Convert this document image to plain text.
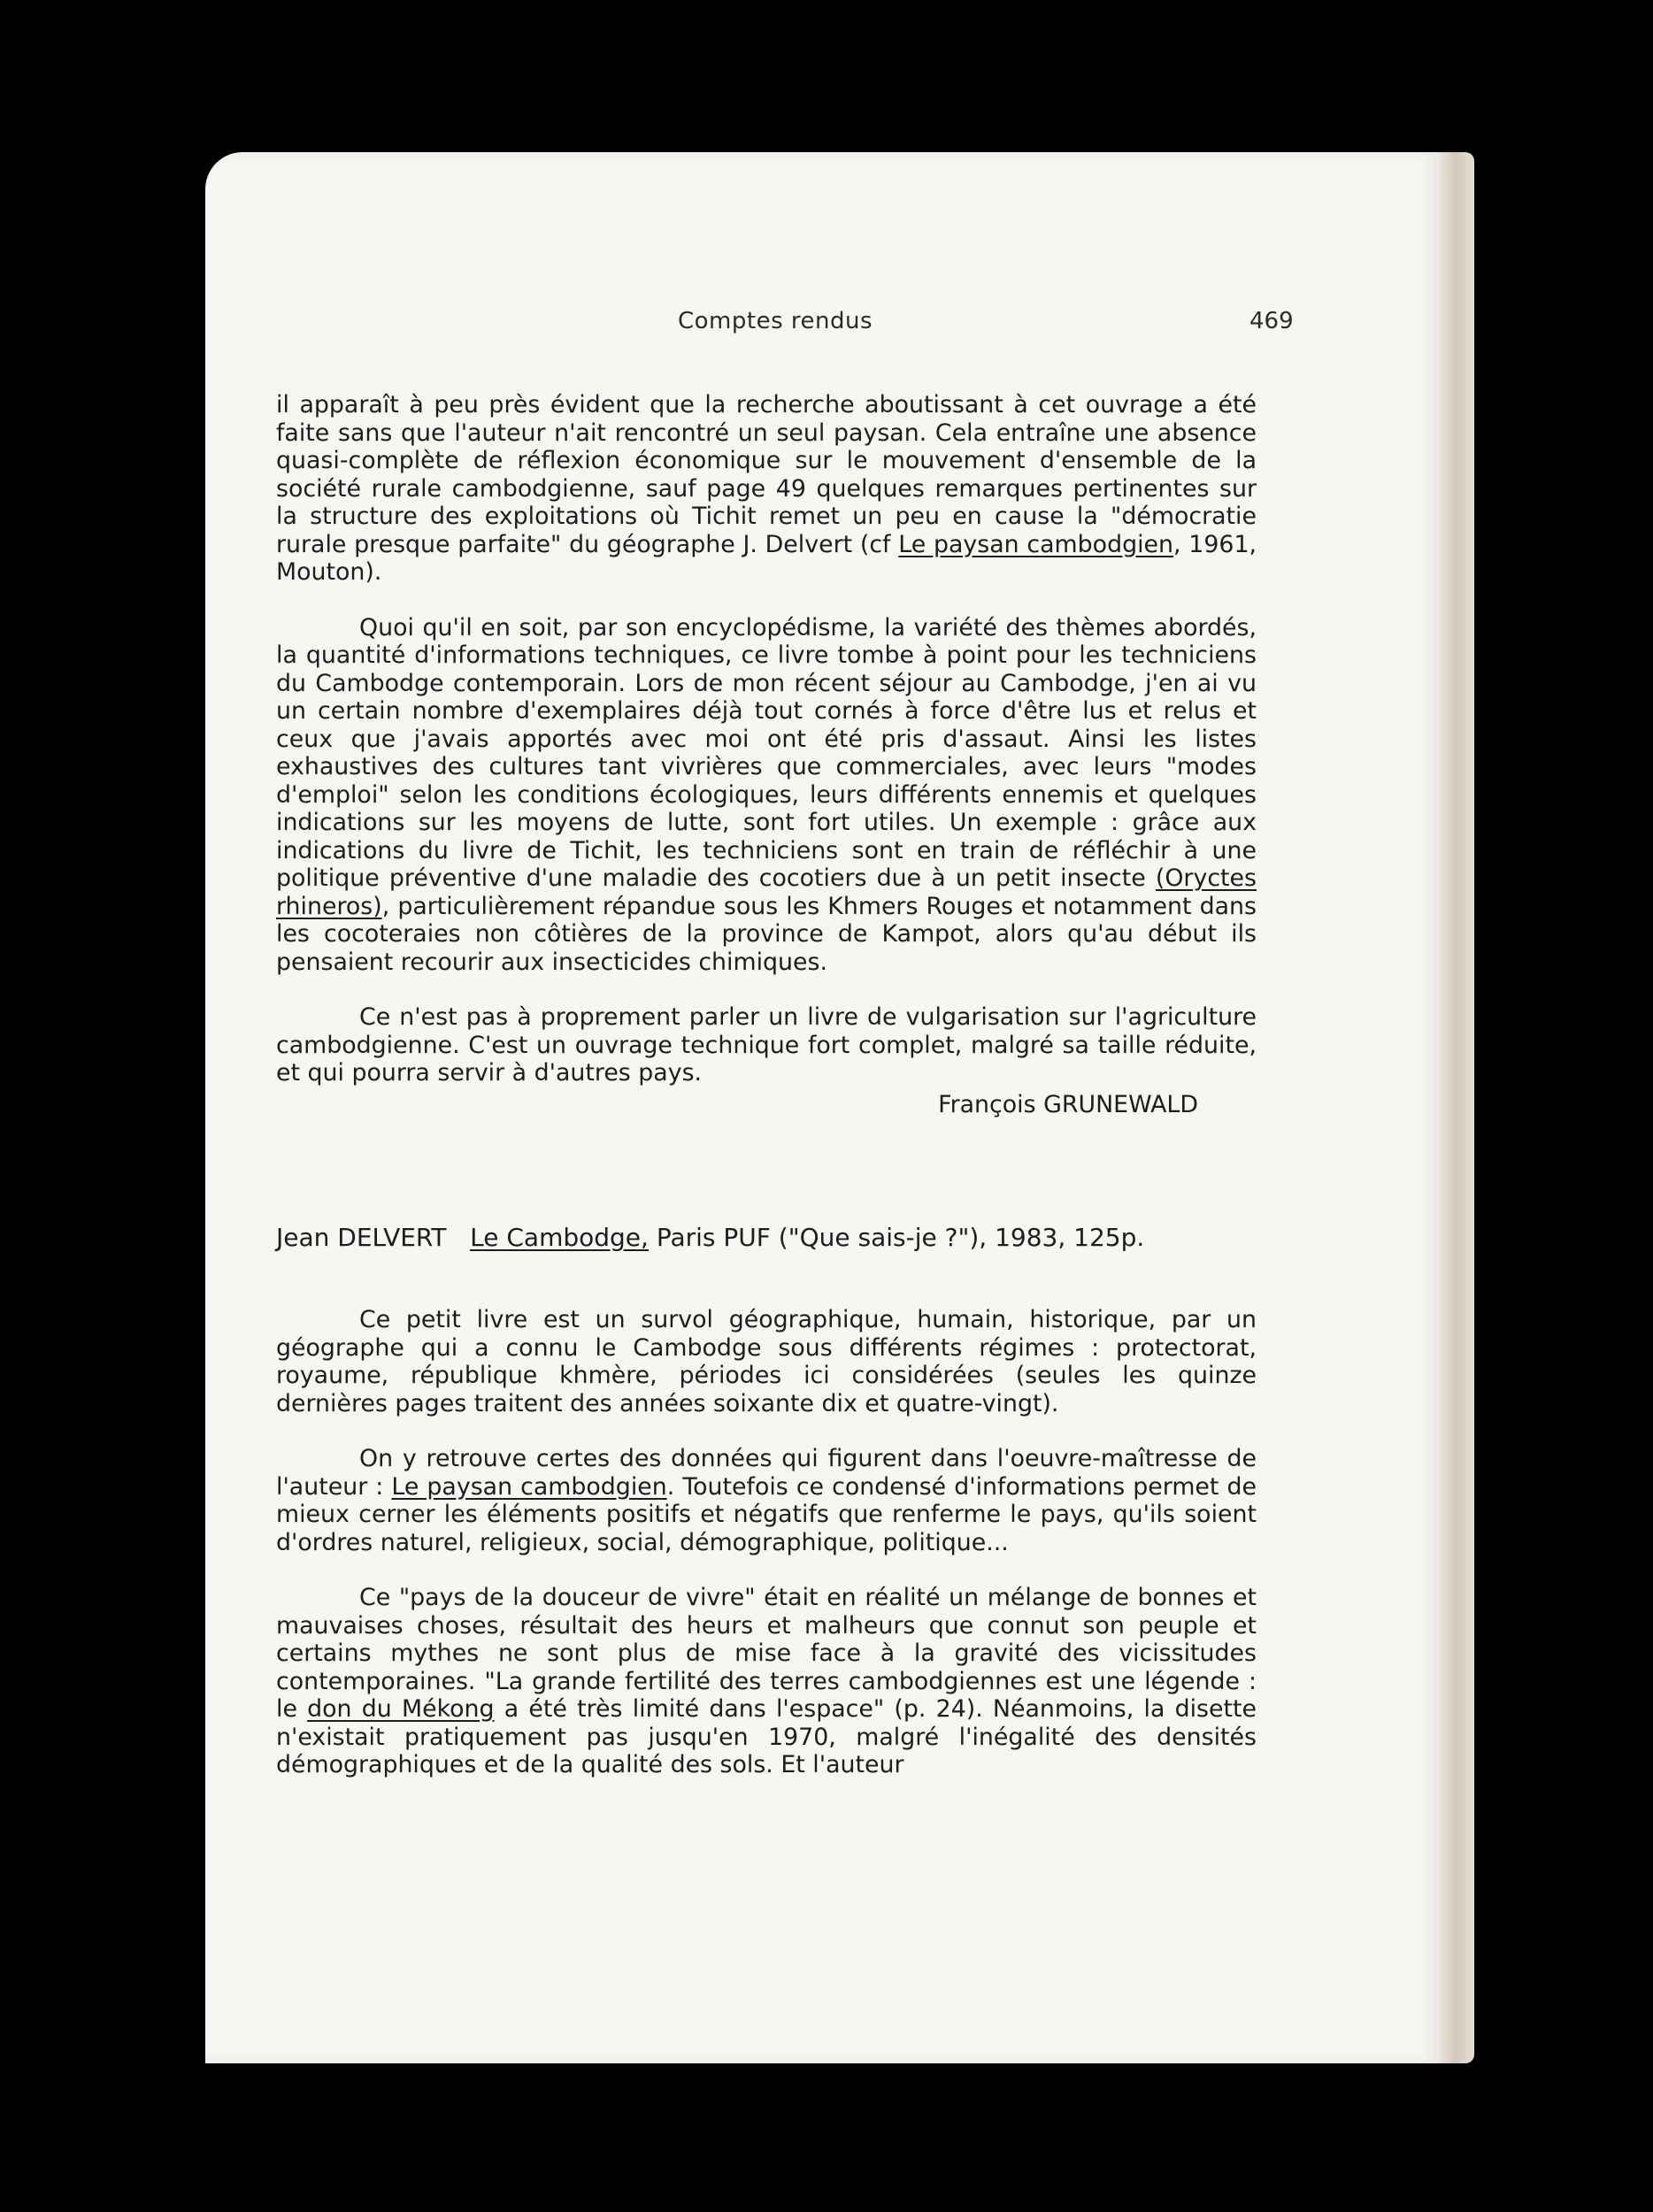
Comptes rendus	469

il apparaît à peu près évident que la recherche aboutissant à cet ouvrage a été faite sans que l'auteur n'ait rencontré un seul paysan. Cela entraîne une absence quasi-complète de réflexion économique sur le mouvement d'ensemble de la société rurale cambodgienne, sauf page 49 quelques remarques pertinentes sur la structure des exploitations où Tichit remet un peu en cause la "démocratie rurale presque parfaite" du géographe J. Delvert (cf Le paysan cambodgien, 1961, Mouton).

Quoi qu'il en soit, par son encyclopédisme, la variété des thèmes abordés, la quantité d'informations techniques, ce livre tombe à point pour les techniciens du Cambodge contemporain. Lors de mon récent séjour au Cambodge, j'en ai vu un certain nombre d'exemplaires déjà tout cornés à force d'être lus et relus et ceux que j'avais apportés avec moi ont été pris d'assaut. Ainsi les listes exhaustives des cultures tant vivrières que commerciales, avec leurs "modes d'emploi" selon les conditions écologiques, leurs différents ennemis et quelques indications sur les moyens de lutte, sont fort utiles. Un exemple : grâce aux indications du livre de Tichit, les techniciens sont en train de réfléchir à une politique préventive d'une maladie des cocotiers due à un petit insecte (Oryctes rhineros), particulièrement répandue sous les Khmers Rouges et notamment dans les cocoteraies non côtières de la province de Kampot, alors qu'au début ils pensaient recourir aux insecticides chimiques.

Ce n'est pas à proprement parler un livre de vulgarisation sur l'agriculture cambodgienne. C'est un ouvrage technique fort complet, malgré sa taille réduite, et qui pourra servir à d'autres pays.

François GRUNEWALD

Jean DELVERT Le Cambodge, Paris PUF ("Que sais-je ?"), 1983, 125p.

Ce petit livre est un survol géographique, humain, historique, par un géographe qui a connu le Cambodge sous différents régimes : protectorat, royaume, république khmère, périodes ici considérées (seules les quinze dernières pages traitent des années soixante dix et quatre-vingt).

On y retrouve certes des données qui figurent dans l'oeuvre-maîtresse de l'auteur : Le paysan cambodgien. Toutefois ce condensé d'informations permet de mieux cerner les éléments positifs et négatifs que renferme le pays, qu'ils soient d'ordres naturel, religieux, social, démographique, politique...

Ce "pays de la douceur de vivre" était en réalité un mélange de bonnes et mauvaises choses, résultait des heurs et malheurs que connut son peuple et certains mythes ne sont plus de mise face à la gravité des vicissitudes contemporaines. "La grande fertilité des terres cambodgiennes est une légende : le don du Mékong a été très limité dans l'espace" (p. 24). Néanmoins, la disette n'existait pratiquement pas jusqu'en 1970, malgré l'inégalité des densités démographiques et de la qualité des sols. Et l'auteur
